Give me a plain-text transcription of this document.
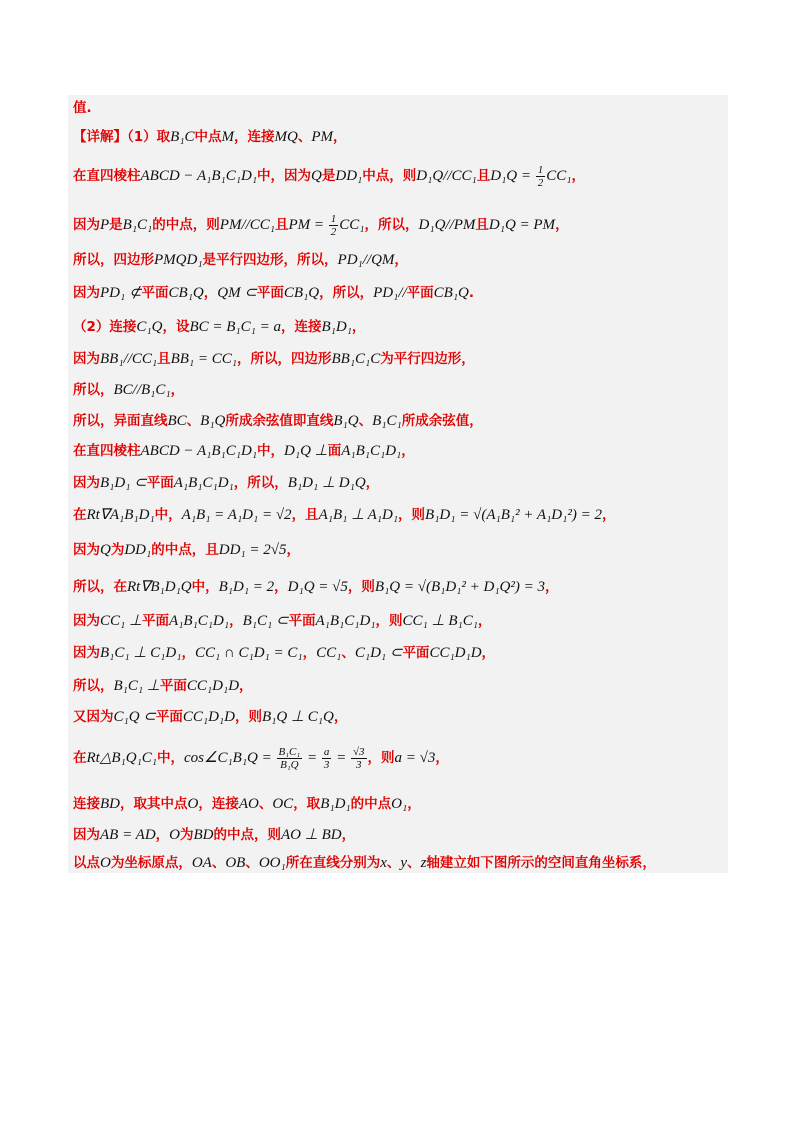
值.
【详解】（1）取B₁C中点M，连接MQ、PM，
在直四棱柱ABCD − A₁B₁C₁D₁中，因为Q是DD₁中点，则D₁Q//CC₁且$D_1Q = \frac{1}{2} CC_1$，
因为P是B₁C₁的中点，则PM//CC₁且PM = $\frac{1}{2} CC_1$，所以，D₁Q//PM且D₁Q = PM，
所以，四边形PMQD₁是平行四边形，所以，PD₁//QM，
因为PD₁ ⊄平面CB₁Q，QM ⊂平面CB₁Q，所以，PD₁//平面CB₁Q.
（2）连接C₁Q，设BC = B₁C₁ = a，连接B₁D₁，
因为BB₁//CC₁且BB₁ = CC₁，所以，四边形BB₁C₁C为平行四边形，
所以，BC//B₁C₁，
所以，异面直线BC、B₁Q所成余弦值即直线B₁Q、B₁C₁所成余弦值，
在直四棱柱ABCD − A₁B₁C₁D₁中，D₁Q ⊥面A₁B₁C₁D₁，
因为B₁D₁ ⊂平面A₁B₁C₁D₁，所以，B₁D₁ ⊥ D₁Q，
在Rt∇A₁B₁D₁中，A₁B₁ = A₁D₁ = √2，且A₁B₁ ⊥ A₁D₁，则B₁D₁ = √(A₁B₁² + A₁D₁²) = 2，
因为Q为DD₁的中点，且DD₁ = 2√5，
所以，在Rt∇B₁D₁Q中，B₁D₁ = 2，D₁Q = √5，则B₁Q = √(B₁D₁² + D₁Q²) = 3，
因为CC₁ ⊥平面A₁B₁C₁D₁，B₁C₁ ⊂平面A₁B₁C₁D₁，则CC₁ ⊥ B₁C₁，
因为B₁C₁ ⊥ C₁D₁，CC₁ ∩ C₁D₁ = C₁，CC₁、C₁D₁ ⊂平面CC₁D₁D，
所以，B₁C₁ ⊥平面CC₁D₁D，
又因为C₁Q ⊂平面CC₁D₁D，则B₁Q ⊥ C₁Q，
在Rt△B₁Q₁C₁中，cos∠C₁B₁Q = $\frac{\text{B₁C₁}}{\text{B₁Q}} = \frac{a}{3} = \frac{√3}{3}$ ，则a = √3，
连接BD，取其中点O，连接AO、OC，取B₁D₁的中点O₁，
因为AB = AD，O为BD的中点，则AO ⊥ BD，
以点O为坐标原点，OA、OB、OO₁所在直线分别为x、y、z轴建立如下图所示的空间直角坐标系，
